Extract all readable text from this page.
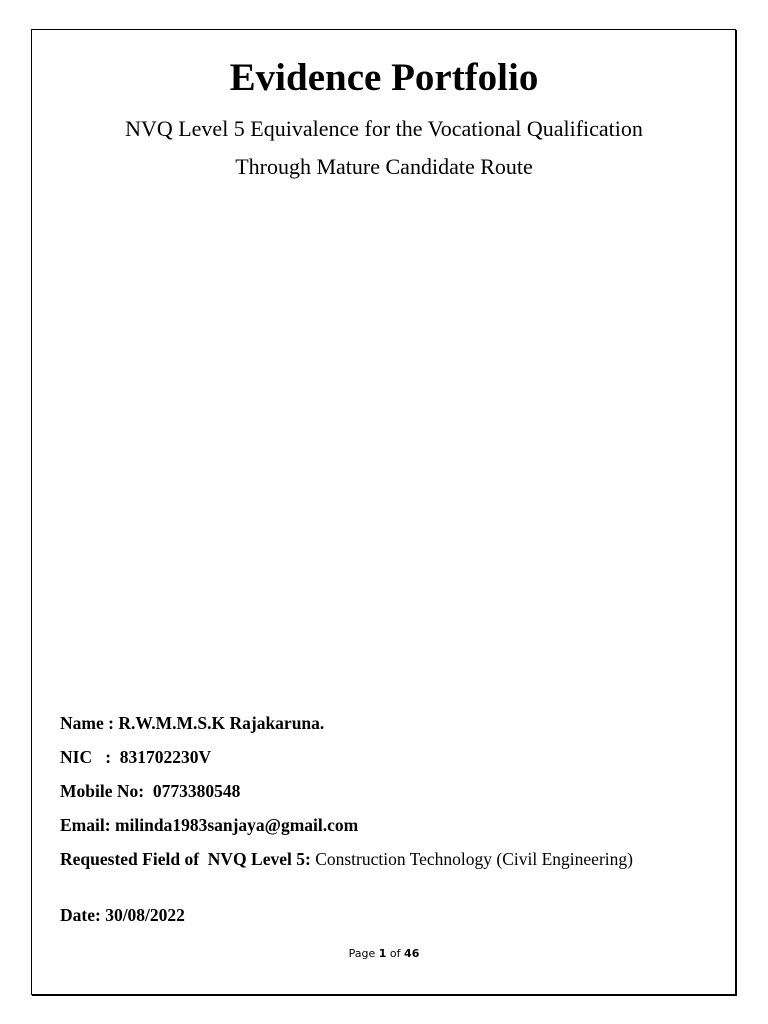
Evidence Portfolio
NVQ Level 5 Equivalence for the Vocational Qualification
Through Mature Candidate Route
Name : R.W.M.M.S.K Rajakaruna.
NIC   :  831702230V
Mobile No:  0773380548
Email: milinda1983sanjaya@gmail.com
Requested Field of  NVQ Level 5: Construction Technology (Civil Engineering)
Date: 30/08/2022
Page 1 of 46
